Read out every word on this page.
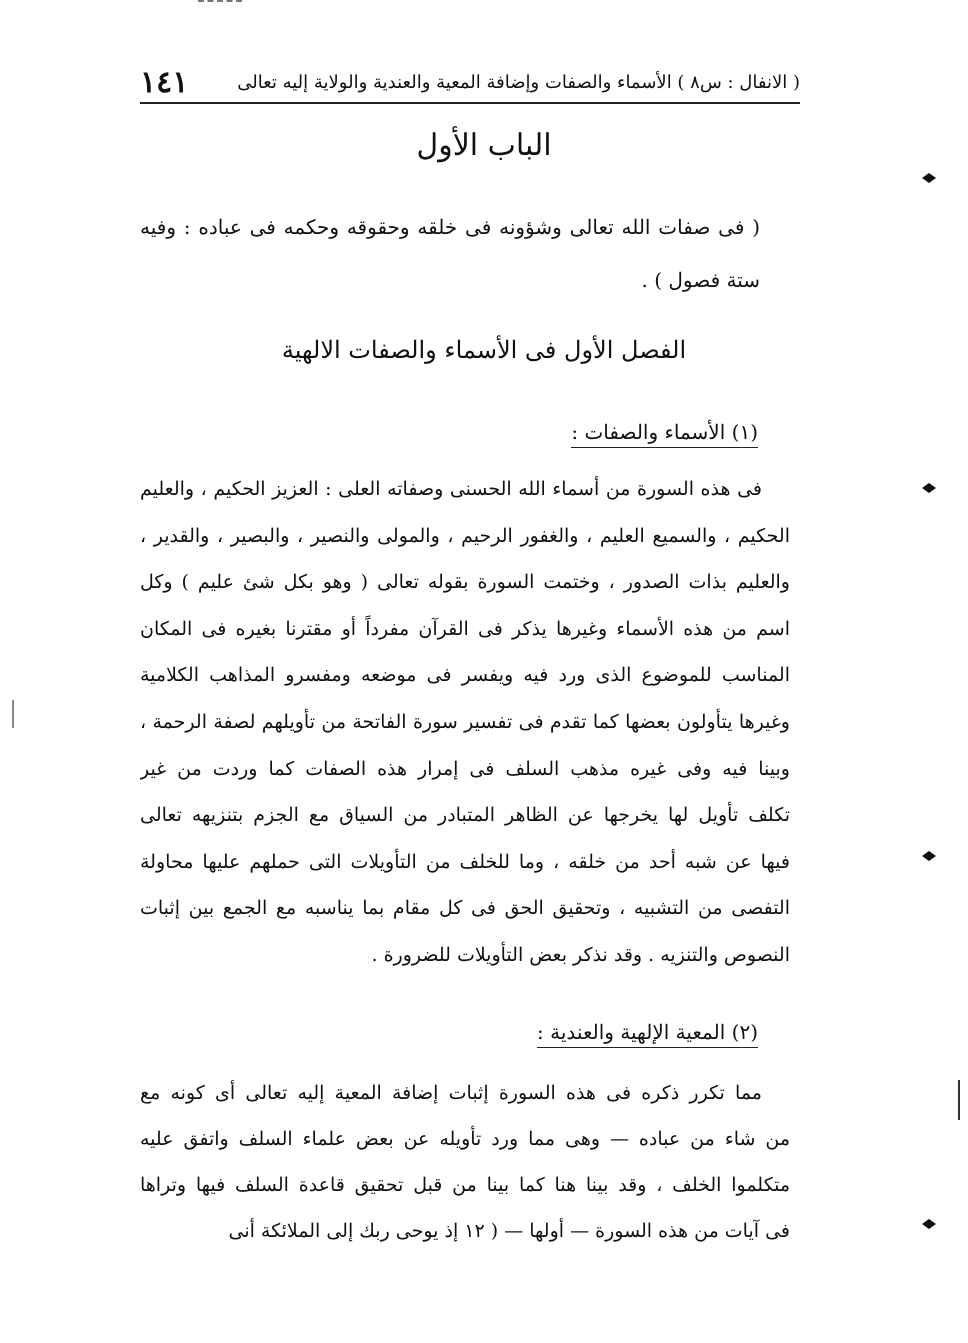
( الانفال : س٨ ) الأسماء والصفات وإضافة المعية والعندية والولاية إليه تعالى
١٤١
الباب الأول
( فى صفات الله تعالى وشؤونه فى خلقه وحقوقه وحكمه فى عباده : وفيه
ستة فصول ) .
الفصل الأول فى الأسماء والصفات الالهية
(١) الأسماء والصفات :
فى هذه السورة من أسماء الله الحسنى وصفاته العلى : العزيز الحكيم ، والعليم
الحكيم ، والسميع العليم ، والغفور الرحيم ، والمولى والنصير ، والبصير ، والقدير ،
والعليم بذات الصدور ، وختمت السورة بقوله تعالى ( وهو بكل شئ عليم ) وكل
اسم من هذه الأسماء وغيرها يذكر فى القرآن مفرداً أو مقترنا بغيره فى المكان
المناسب للموضوع الذى ورد فيه ويفسر فى موضعه ومفسرو المذاهب الكلامية
وغيرها يتأولون بعضها كما تقدم فى تفسير سورة الفاتحة من تأويلهم لصفة الرحمة ،
وبينا فيه وفى غيره مذهب السلف فى إمرار هذه الصفات كما وردت من غير
تكلف تأويل لها يخرجها عن الظاهر المتبادر من السياق مع الجزم بتنزيهه تعالى
فيها عن شبه أحد من خلقه ، وما للخلف من التأويلات التى حملهم عليها محاولة
التفصى من التشبيه ، وتحقيق الحق فى كل مقام بما يناسبه مع الجمع بين إثبات
النصوص والتنزيه . وقد نذكر بعض التأويلات للضرورة .
(٢) المعية الإلهية والعندية :
مما تكرر ذكره فى هذه السورة إثبات إضافة المعية إليه تعالى أى كونه مع
من شاء من عباده — وهى مما ورد تأويله عن بعض علماء السلف واتفق عليه
متكلموا الخلف ، وقد بينا هنا كما بينا من قبل تحقيق قاعدة السلف فيها وتراها
فى آيات من هذه السورة — أولها — ( ١٢ إذ يوحى ربك إلى الملائكة أنى
